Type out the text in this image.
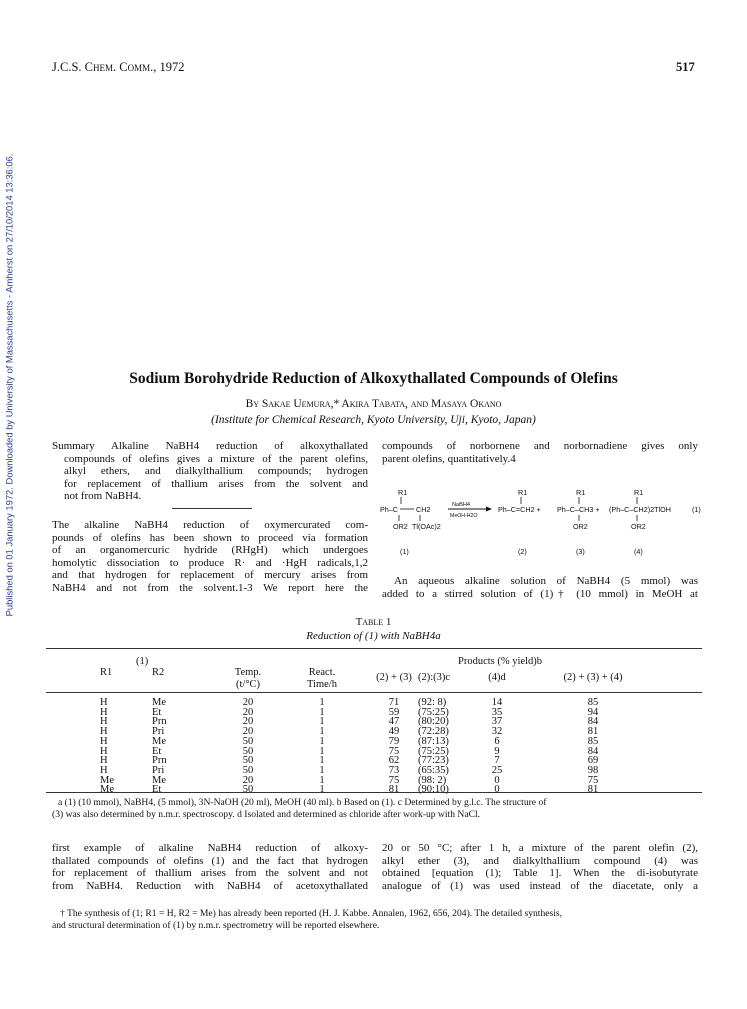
Published on 01 January 1972. Downloaded by University of Massachusetts - Amherst on 27/10/2014 13:36:06.
J.C.S. Chem. Comm., 1972	517
Sodium Borohydride Reduction of Alkoxythallated Compounds of Olefins
By Sakae Uemura,* Akira Tabata, and Masaya Okano
(Institute for Chemical Research, Kyoto University, Uji, Kyoto, Japan)
Summary Alkaline NaBH4 reduction of alkoxythallated
compounds of olefins gives a mixture of the parent olefins,
alkyl ethers, and dialkylthallium compounds; hydrogen
for replacement of thallium arises from the solvent and
not from NaBH4.
The alkaline NaBH4 reduction of oxymercurated com-
pounds of olefins has been shown to proceed via formation
of an organomercuric hydride (RHgH) which undergoes
homolytic dissociation to produce R· and ·HgH radicals,1,2
and that hydrogen for replacement of mercury arises from
NaBH4 and not from the solvent.1-3 We report here the
compounds of norbornene and norbornadiene gives only
parent olefins, quantitatively.4
R1
Ph–C	CH2
OR2 Tl(OAc)2
NaBH4
MeOH-H2O
R1
Ph–C=CH2 +
R1
Ph–C–CH3 +
OR2
R1
(Ph–C–CH2)2TlOH	(1)
OR2
(1)	(2)	(3)	(4)
An aqueous alkaline solution of NaBH4 (5 mmol) was
added to a stirred solution of (1)† (10 mmol) in MeOH at
Table 1
Reduction of (1) with NaBH4a
(1)	Products (% yield)b
R1	R2	Temp.	React.	(2) + (3) (2):(3)c	(4)d	(2) + (3) + (4)
(t/°C)	Time/h
H	Me	20	1	71	(92: 8)	14	85
H	Et	20	1	59	(75:25)	35	94
H	Prn	20	1	47	(80:20)	37	84
H	Pri	20	1	49	(72:28)	32	81
H	Me	50	1	79	(87:13)	6	85
H	Et	50	1	75	(75:25)	9	84
H	Prn	50	1	62	(77:23)	7	69
H	Pri	50	1	73	(65:35)	25	98
Me	Me	20	1	75	(98: 2)	0	75
Me	Et	50	1	81	(90:10)	0	81
a (1) (10 mmol), NaBH4, (5 mmol), 3N-NaOH (20 ml), MeOH (40 ml). b Based on (1). c Determined by g.l.c. The structure of
(3) was also determined by n.m.r. spectroscopy. d Isolated and determined as chloride after work-up with NaCl.
first example of alkaline NaBH4 reduction of alkoxy-
thallated compounds of olefins (1) and the fact that hydrogen
for replacement of thallium arises from the solvent and not
from NaBH4. Reduction with NaBH4 of acetoxythallated
20 or 50 °C; after 1 h, a mixture of the parent olefin (2),
alkyl ether (3), and dialkylthallium compound (4) was
obtained [equation (1); Table 1]. When the di-isobutyrate
analogue of (1) was used instead of the diacetate, only a
† The synthesis of (1; R1 = H, R2 = Me) has already been reported (H. J. Kabbe. Annalen, 1962, 656, 204). The detailed synthesis,
and structural determination of (1) by n.m.r. spectrometry will be reported elsewhere.
